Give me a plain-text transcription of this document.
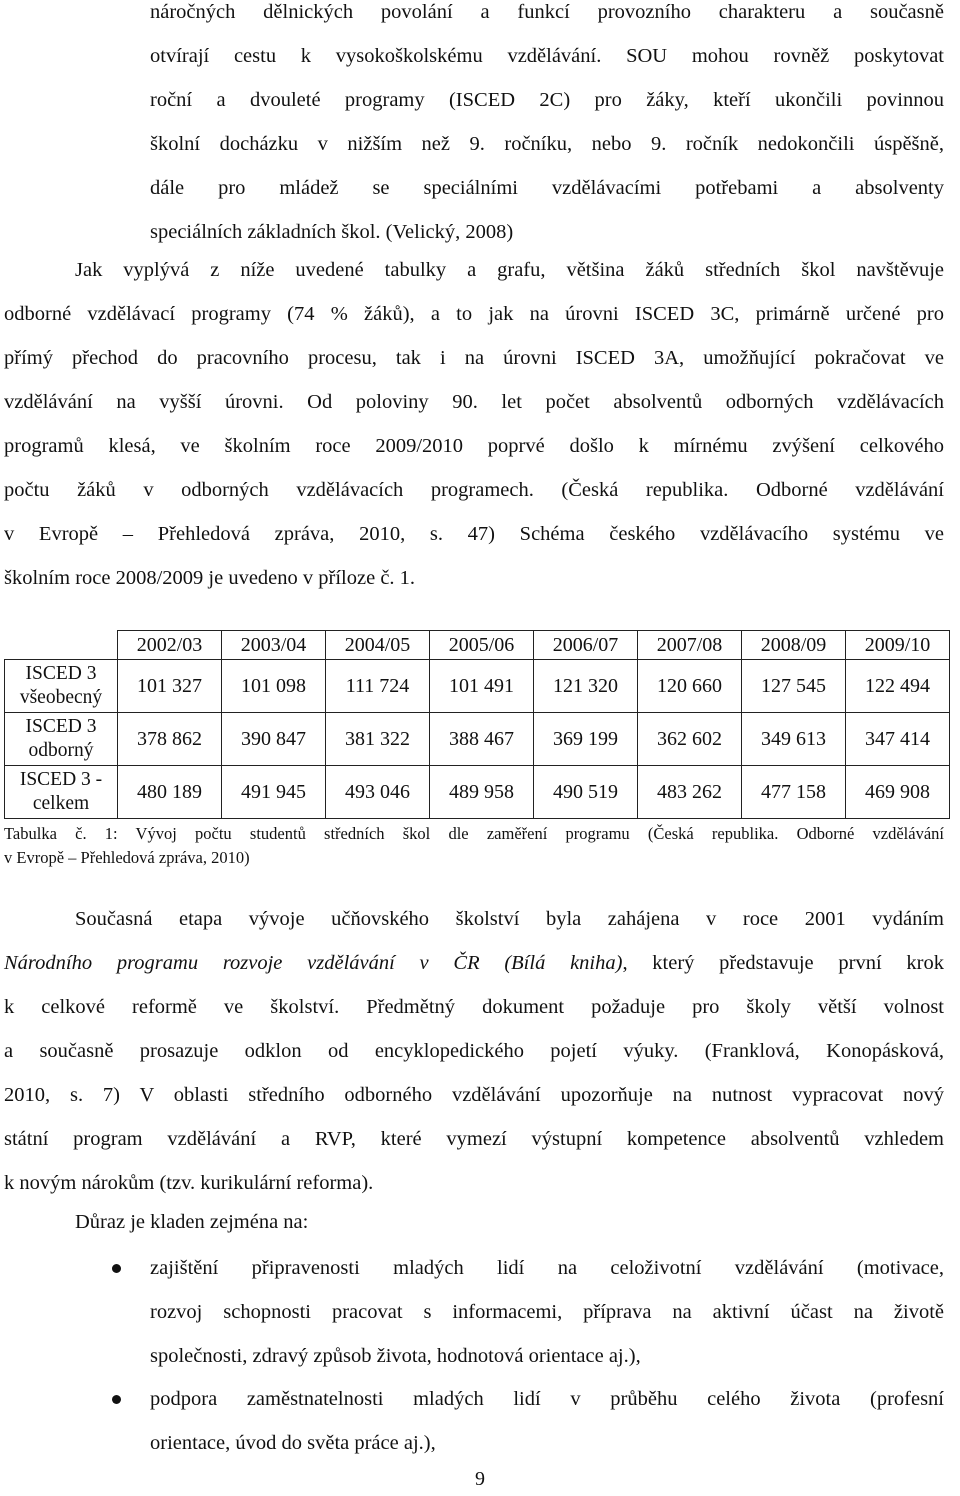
náročných dělnických povolání a funkcí provozního charakteru a současně
otvírají cestu k vysokoškolskému vzdělávání. SOU mohou rovněž poskytovat
roční a dvouleté programy (ISCED 2C) pro žáky, kteří ukončili povinnou
školní docházku v nižším než 9. ročníku, nebo 9. ročník nedokončili úspěšně,
dále pro mládež se speciálními vzdělávacími potřebami a absolventy
speciálních základních škol. (Velický, 2008)
Jak vyplývá z níže uvedené tabulky a grafu, většina žáků středních škol navštěvuje
odborné vzdělávací programy (74 % žáků), a to jak na úrovni ISCED 3C, primárně určené pro
přímý přechod do pracovního procesu, tak i na úrovni ISCED 3A, umožňující pokračovat ve
vzdělávání na vyšší úrovni. Od poloviny 90. let počet absolventů odborných vzdělávacích
programů klesá, ve školním roce 2009/2010 poprvé došlo k mírnému zvýšení celkového
počtu žáků v odborných vzdělávacích programech. (Česká republika. Odborné vzdělávání
v Evropě – Přehledová zpráva, 2010, s. 47) Schéma českého vzdělávacího systému ve
školním roce 2008/2009 je uvedeno v příloze č. 1.
	2002/03	2003/04	2004/05	2005/06	2006/07	2007/08	2008/09	2009/10
ISCED 3
všeobecný	101 327	101 098	111 724	101 491	121 320	120 660	127 545	122 494
ISCED 3
odborný	378 862	390 847	381 322	388 467	369 199	362 602	349 613	347 414
ISCED 3 -
celkem	480 189	491 945	493 046	489 958	490 519	483 262	477 158	469 908
Tabulka č. 1: Vývoj počtu studentů středních škol dle zaměření programu (Česká republika. Odborné vzdělávání
v Evropě – Přehledová zpráva, 2010)
Současná etapa vývoje učňovského školství byla zahájena v roce 2001 vydáním
Národního programu rozvoje vzdělávání v ČR (Bílá kniha), který představuje první krok
k celkové reformě ve školství. Předmětný dokument požaduje pro školy větší volnost
a současně prosazuje odklon od encyklopedického pojetí výuky. (Franklová, Konopásková,
2010, s. 7) V oblasti středního odborného vzdělávání upozorňuje na nutnost vypracovat nový
státní program vzdělávání a RVP, které vymezí výstupní kompetence absolventů vzhledem
k novým nárokům (tzv. kurikulární reforma).
Důraz je kladen zejména na:
zajištění připravenosti mladých lidí na celoživotní vzdělávání (motivace,
rozvoj schopnosti pracovat s informacemi, příprava na aktivní účast na životě
společnosti, zdravý způsob života, hodnotová orientace aj.),
podpora zaměstnatelnosti mladých lidí v průběhu celého života (profesní
orientace, úvod do světa práce aj.),
9
